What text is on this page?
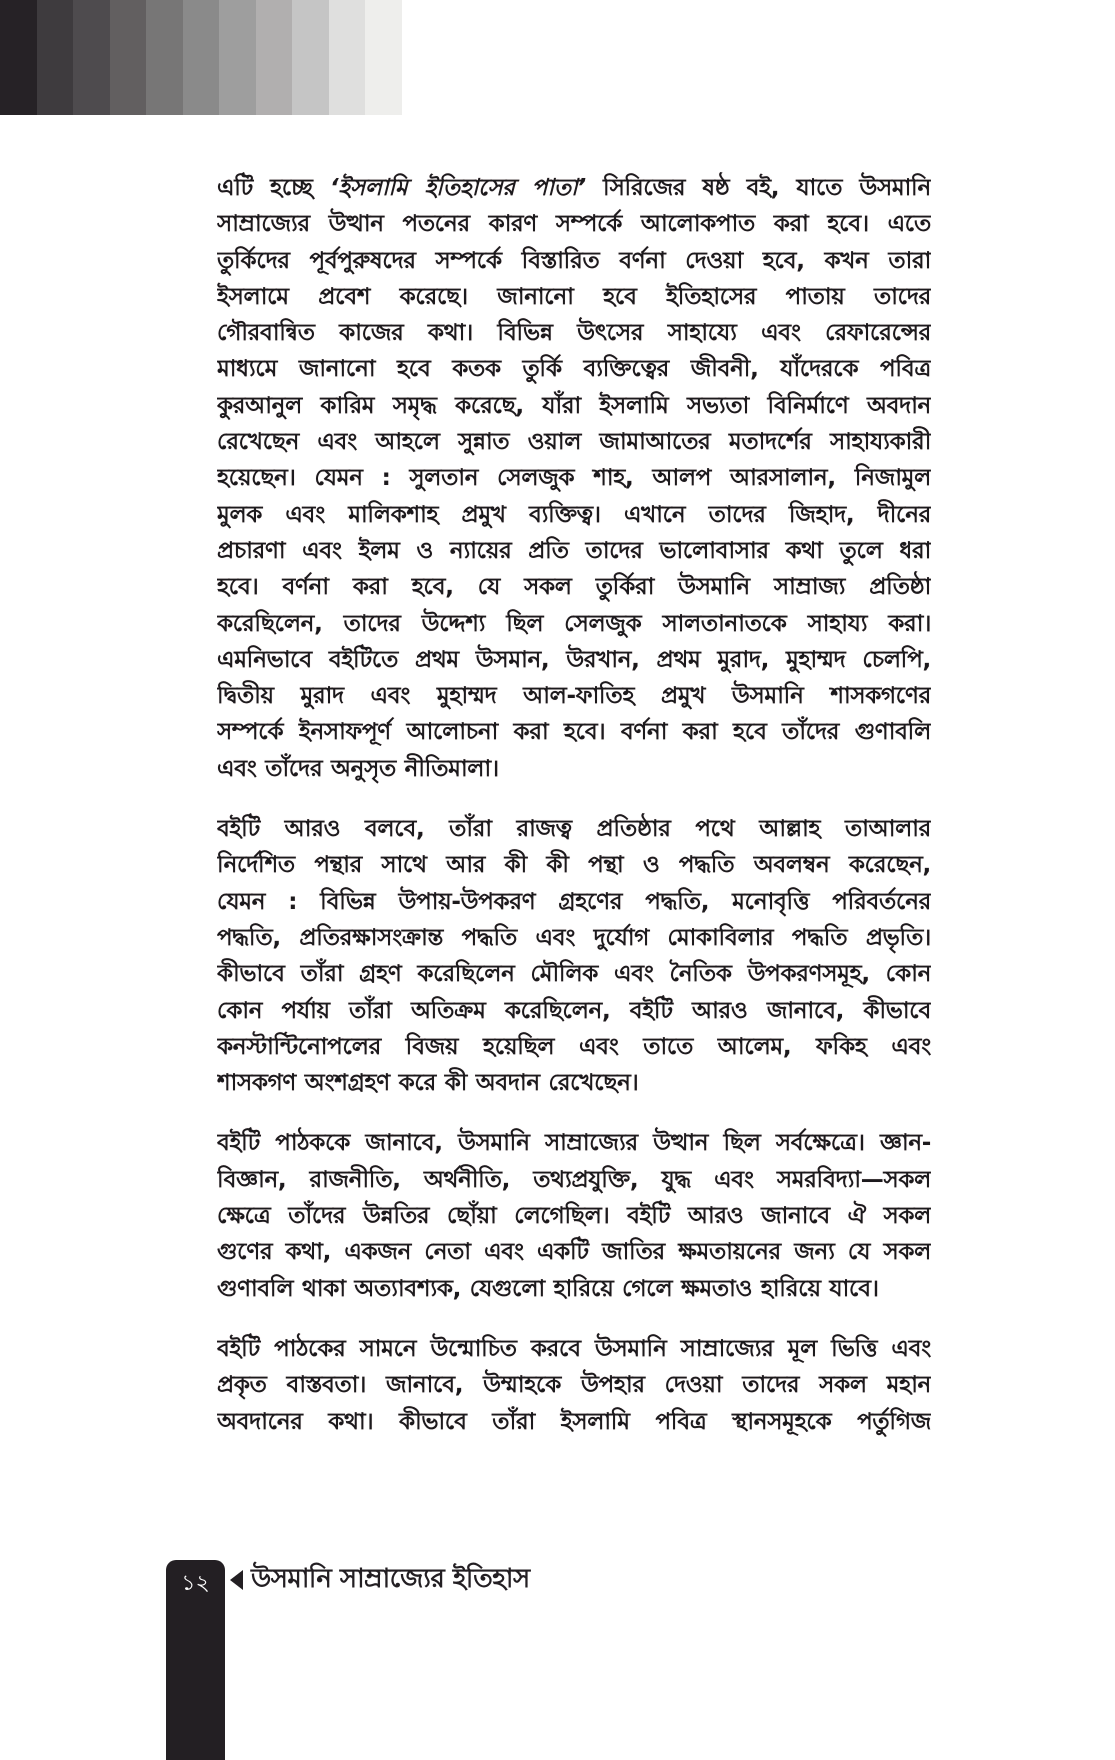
এটি হচ্ছে ‘ইসলামি ইতিহাসের পাতা’ সিরিজের ষষ্ঠ বই, যাতে উসমানি
সাম্রাজ্যের উত্থান পতনের কারণ সম্পর্কে আলোকপাত করা হবে। এতে
তুর্কিদের পূর্বপুরুষদের সম্পর্কে বিস্তারিত বর্ণনা দেওয়া হবে, কখন তারা
ইসলামে প্রবেশ করেছে। জানানো হবে ইতিহাসের পাতায় তাদের
গৌরবান্বিত কাজের কথা। বিভিন্ন উৎসের সাহায্যে এবং রেফারেন্সের
মাধ্যমে জানানো হবে কতক তুর্কি ব্যক্তিত্বের জীবনী, যাঁদেরকে পবিত্র
কুরআনুল কারিম সমৃদ্ধ করেছে, যাঁরা ইসলামি সভ্যতা বিনির্মাণে অবদান
রেখেছেন এবং আহলে সুন্নাত ওয়াল জামাআতের মতাদর্শের সাহায্যকারী
হয়েছেন। যেমন : সুলতান সেলজুক শাহ, আলপ আরসালান, নিজামুল
মুলক এবং মালিকশাহ প্রমুখ ব্যক্তিত্ব। এখানে তাদের জিহাদ, দীনের
প্রচারণা এবং ইলম ও ন্যায়ের প্রতি তাদের ভালোবাসার কথা তুলে ধরা
হবে। বর্ণনা করা হবে, যে সকল তুর্কিরা উসমানি সাম্রাজ্য প্রতিষ্ঠা
করেছিলেন, তাদের উদ্দেশ্য ছিল সেলজুক সালতানাতকে সাহায্য করা।
এমনিভাবে বইটিতে প্রথম উসমান, উরখান, প্রথম মুরাদ, মুহাম্মদ চেলপি,
দ্বিতীয় মুরাদ এবং মুহাম্মদ আল-ফাতিহ প্রমুখ উসমানি শাসকগণের
সম্পর্কে ইনসাফপূর্ণ আলোচনা করা হবে। বর্ণনা করা হবে তাঁদের গুণাবলি
এবং তাঁদের অনুসৃত নীতিমালা।

বইটি আরও বলবে, তাঁরা রাজত্ব প্রতিষ্ঠার পথে আল্লাহ তাআলার
নির্দেশিত পন্থার সাথে আর কী কী পন্থা ও পদ্ধতি অবলম্বন করেছেন,
যেমন : বিভিন্ন উপায়-উপকরণ গ্রহণের পদ্ধতি, মনোবৃত্তি পরিবর্তনের
পদ্ধতি, প্রতিরক্ষাসংক্রান্ত পদ্ধতি এবং দুর্যোগ মোকাবিলার পদ্ধতি প্রভৃতি।
কীভাবে তাঁরা গ্রহণ করেছিলেন মৌলিক এবং নৈতিক উপকরণসমূহ, কোন
কোন পর্যায় তাঁরা অতিক্রম করেছিলেন, বইটি আরও জানাবে, কীভাবে
কনস্টান্টিনোপলের বিজয় হয়েছিল এবং তাতে আলেম, ফকিহ এবং
শাসকগণ অংশগ্রহণ করে কী অবদান রেখেছেন।

বইটি পাঠককে জানাবে, উসমানি সাম্রাজ্যের উত্থান ছিল সর্বক্ষেত্রে। জ্ঞান-
বিজ্ঞান, রাজনীতি, অর্থনীতি, তথ্যপ্রযুক্তি, যুদ্ধ এবং সমরবিদ্যা—সকল
ক্ষেত্রে তাঁদের উন্নতির ছোঁয়া লেগেছিল। বইটি আরও জানাবে ঐ সকল
গুণের কথা, একজন নেতা এবং একটি জাতির ক্ষমতায়নের জন্য যে সকল
গুণাবলি থাকা অত্যাবশ্যক, যেগুলো হারিয়ে গেলে ক্ষমতাও হারিয়ে যাবে।

বইটি পাঠকের সামনে উন্মোচিত করবে উসমানি সাম্রাজ্যের মূল ভিত্তি এবং
প্রকৃত বাস্তবতা। জানাবে, উম্মাহকে উপহার দেওয়া তাদের সকল মহান
অবদানের কথা। কীভাবে তাঁরা ইসলামি পবিত্র স্থানসমূহকে পর্তুগিজ

১২	উসমানি সাম্রাজ্যের ইতিহাস
